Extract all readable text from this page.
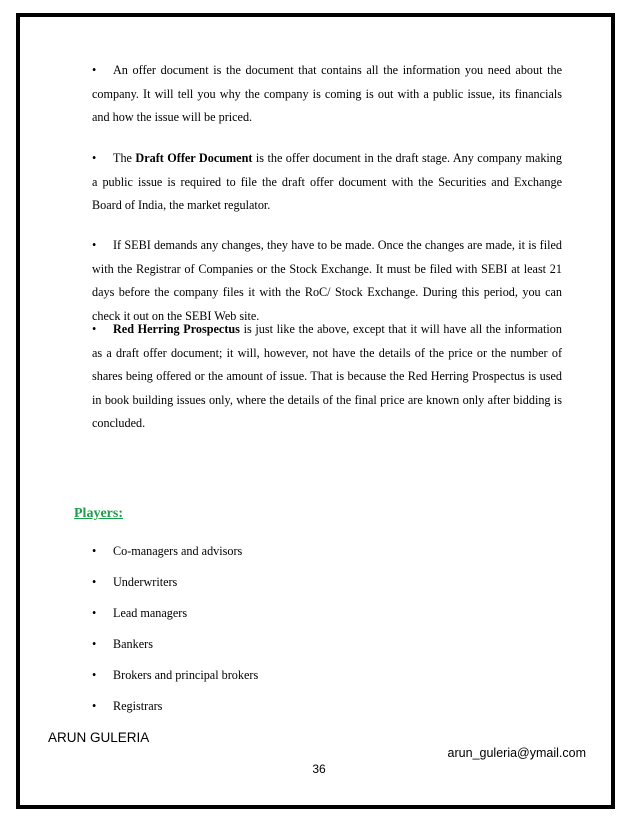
• An offer document is the document that contains all the information you need about the company. It will tell you why the company is coming is out with a public issue, its financials and how the issue will be priced.

• The Draft Offer Document is the offer document in the draft stage. Any company making a public issue is required to file the draft offer document with the Securities and Exchange Board of India, the market regulator.

• If SEBI demands any changes, they have to be made. Once the changes are made, it is filed with the Registrar of Companies or the Stock Exchange. It must be filed with SEBI at least 21 days before the company files it with the RoC/ Stock Exchange. During this period, you can check it out on the SEBI Web site.

• Red Herring Prospectus is just like the above, except that it will have all the information as a draft offer document; it will, however, not have the details of the price or the number of shares being offered or the amount of issue. That is because the Red Herring Prospectus is used in book building issues only, where the details of the final price are known only after bidding is concluded.

Players:
• Co-managers and advisors
• Underwriters
• Lead managers
• Bankers
• Brokers and principal brokers
• Registrars
ARUN GULERIA
arun_guleria@ymail.com
36
